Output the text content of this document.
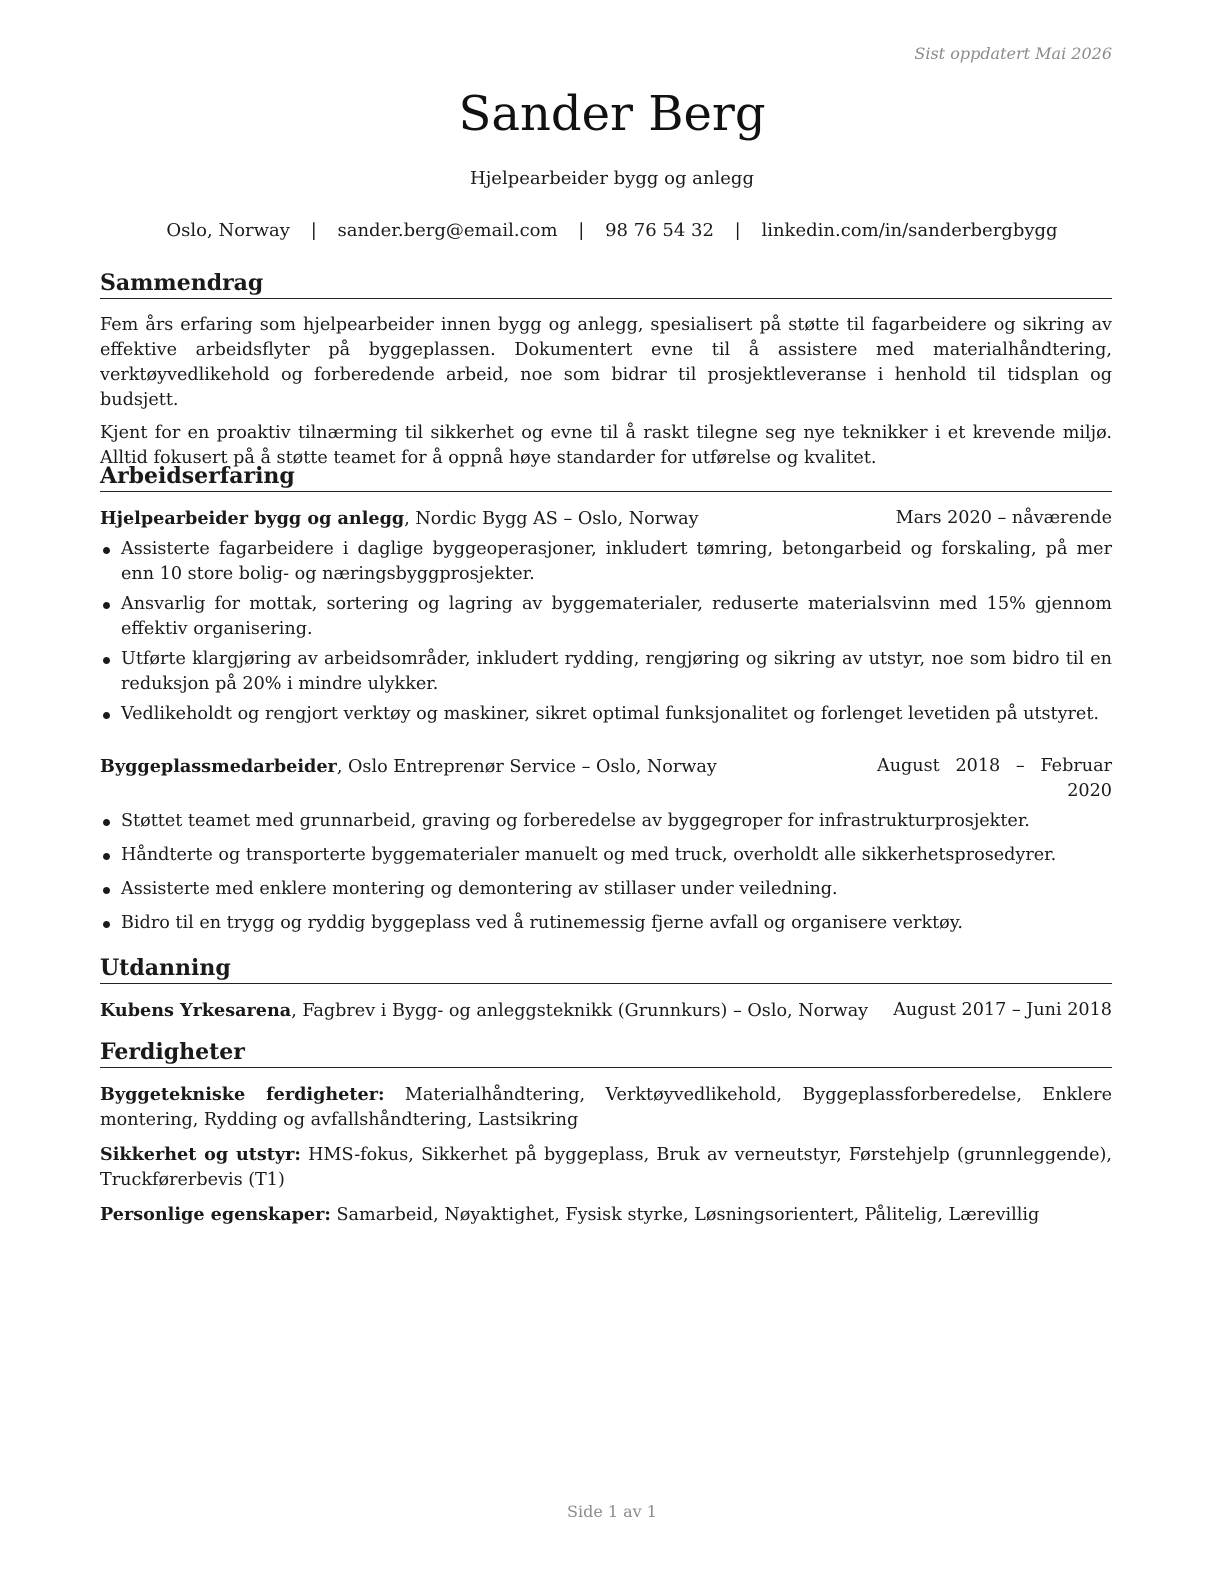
Sist oppdatert Mai 2026
Sander Berg
Hjelpearbeider bygg og anlegg
Oslo, Norway | sander.berg@email.com | 98 76 54 32 | linkedin.com/in/sanderbergbygg
Sammendrag

Fem års erfaring som hjelpearbeider innen bygg og anlegg, spesialisert på støtte til fagarbeidere og sikring av effektive arbeidsflyter på byggeplassen. Dokumentert evne til å assistere med materialhåndtering, verktøyvedlikehold og forberedende arbeid, noe som bidrar til prosjektleveranse i henhold til tidsplan og budsjett.

Kjent for en proaktiv tilnærming til sikkerhet og evne til å raskt tilegne seg nye teknikker i et krevende miljø. Alltid fokusert på å støtte teamet for å oppnå høye standarder for utførelse og kvalitet.

Arbeidserfaring
Hjelpearbeider bygg og anlegg, Nordic Bygg AS – Oslo, Norway	Mars 2020 – nåværende
Assisterte fagarbeidere i daglige byggeoperasjoner, inkludert tømring, betongarbeid og forskaling, på mer enn 10 store bolig- og næringsbyggprosjekter.
Ansvarlig for mottak, sortering og lagring av byggematerialer, reduserte materialsvinn med 15% gjennom effektiv organisering.
Utførte klargjøring av arbeidsområder, inkludert rydding, rengjøring og sikring av utstyr, noe som bidro til en reduksjon på 20% i mindre ulykker.
Vedlikeholdt og rengjort verktøy og maskiner, sikret optimal funksjonalitet og forlenget levetiden på utstyret.
Byggeplassmedarbeider, Oslo Entreprenør Service – Oslo, Norway	August 2018 – Februar 2020
Støttet teamet med grunnarbeid, graving og forberedelse av byggegroper for infrastrukturprosjekter.
Håndterte og transporterte byggematerialer manuelt og med truck, overholdt alle sikkerhetsprosedyrer.
Assisterte med enklere montering og demontering av stillaser under veiledning.
Bidro til en trygg og ryddig byggeplass ved å rutinemessig fjerne avfall og organisere verktøy.
Utdanning
Kubens Yrkesarena, Fagbrev i Bygg- og anleggsteknikk (Grunnkurs) – Oslo, Norway August 2017 – Juni 2018
Ferdigheter

Byggetekniske ferdigheter: Materialhåndtering, Verktøyvedlikehold, Byggeplassforberedelse, Enklere montering, Rydding og avfallshåndtering, Lastsikring

Sikkerhet og utstyr: HMS-fokus, Sikkerhet på byggeplass, Bruk av verneutstyr, Førstehjelp (grunnleggende), Truckførerbevis (T1)

Personlige egenskaper: Samarbeid, Nøyaktighet, Fysisk styrke, Løsningsorientert, Pålitelig, Lærevillig

Side 1 av 1
